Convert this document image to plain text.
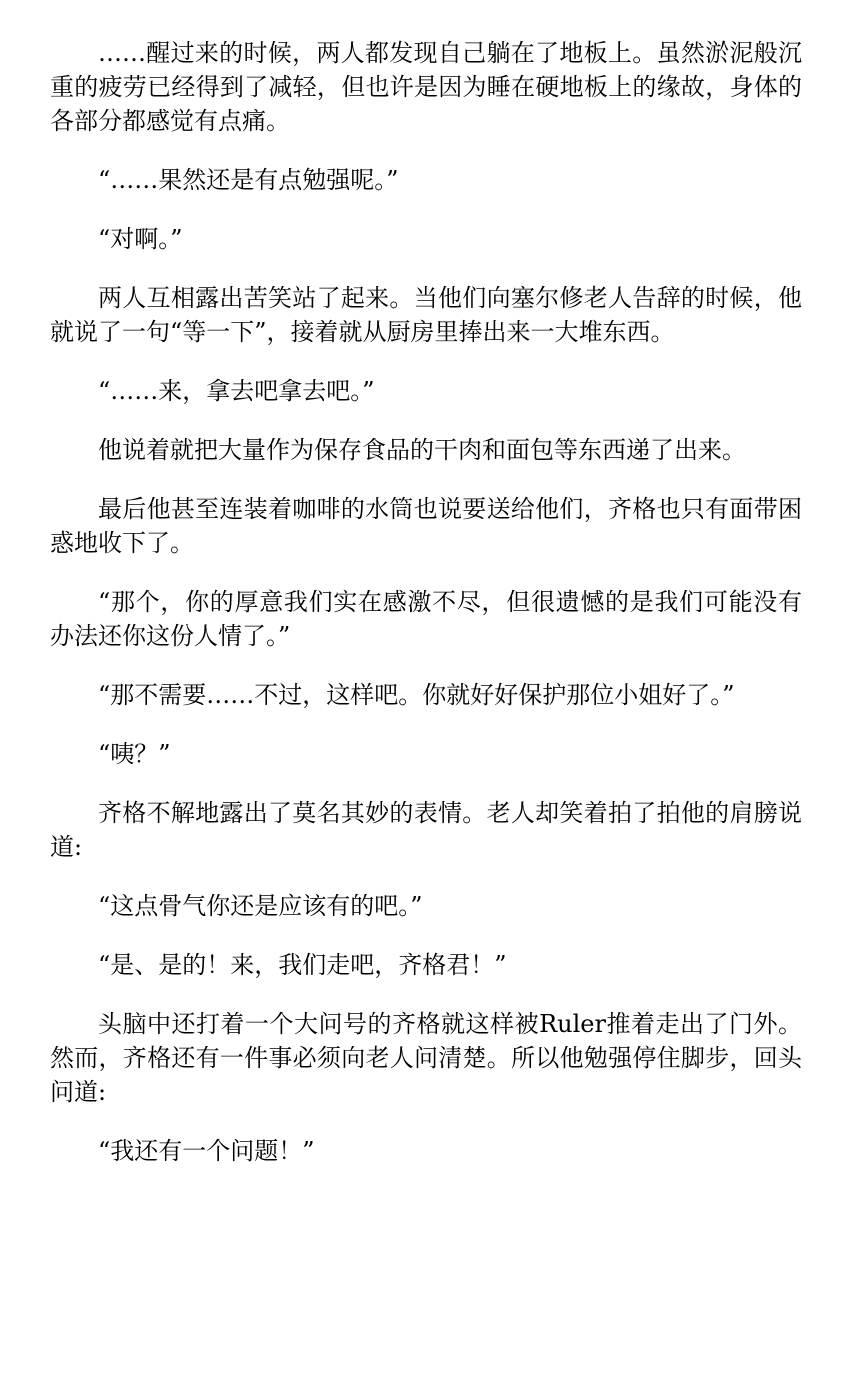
……醒过来的时候，两人都发现自己躺在了地板上。虽然淤泥般沉重的疲劳已经得到了减轻，但也许是因为睡在硬地板上的缘故，身体的各部分都感觉有点痛。

“……果然还是有点勉强呢。”

“对啊。”

两人互相露出苦笑站了起来。当他们向塞尔修老人告辞的时候，他就说了一句“等一下”，接着就从厨房里捧出来一大堆东西。

“……来，拿去吧拿去吧。”

他说着就把大量作为保存食品的干肉和面包等东西递了出来。

最后他甚至连装着咖啡的水筒也说要送给他们，齐格也只有面带困惑地收下了。

“那个，你的厚意我们实在感激不尽，但很遗憾的是我们可能没有办法还你这份人情了。”

“那不需要……不过，这样吧。你就好好保护那位小姐好了。”

“咦？”

齐格不解地露出了莫名其妙的表情。老人却笑着拍了拍他的肩膀说道:

“这点骨气你还是应该有的吧。”

“是、是的！来，我们走吧，齐格君！”

头脑中还打着一个大问号的齐格就这样被Ruler推着走出了门外。然而，齐格还有一件事必须向老人问清楚。所以他勉强停住脚步，回头问道:

“我还有一个问题！”
